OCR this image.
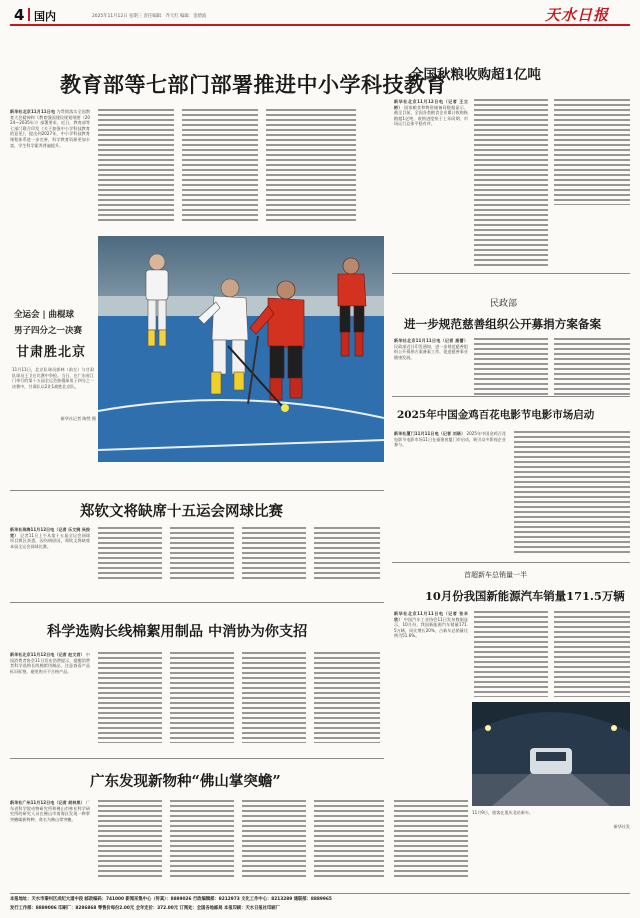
4 国内	2025年11月12日 星期三 责任编辑：齐天红 编辑：金碧波	天水日报
教育部等七部门部署推进中小学科技教育
新华社北京11月11日电 为贯彻落实全国教育大会精神和《教育强国建设规划纲要（2024—2035年）》部署要求，近日，教育部等七部门联合印发《关于加强中小学科技教育的意见》，提出到2027年，中小学科技教育课程体系进一步完善，科学教育资源更加丰富，学生科学素养普遍提升。
全运会 | 曲棍球
男子四分之一决赛
甘肃胜北京
11月11日，北京队球员郭林（前左）与甘肃队球员王卫在比赛中争抢。当日，在广东省江门举行的第十五届全运会曲棍球男子四分之一决赛中，甘肃队以2比1战胜北京队。
新华社记者 陶然 摄
全国秋粮收购超1亿吨
新华社北京11月12日电（记者 王立彬） 国家粮食和物资储备局数据显示，截至目前，全国各类粮食企业累计收购秋粮超1亿吨，收购进度快于上年同期，市场运行总体平稳有序。
民政部
进一步规范慈善组织公开募捐方案备案
新华社北京11月11日电（记者 高蕾） 民政部近日印发通知，进一步规范慈善组织公开募捐方案备案工作，促进慈善事业健康发展。
2025年中国金鸡百花电影节电影市场启动
新华社厦门11月11日电（记者 刘旸） 2025年中国金鸡百花电影节电影市场11日在福建省厦门市启动，吸引众多影视企业参与。
首超新车总销量一半
10月份我国新能源汽车销量171.5万辆
新华社北京11月11日电（记者 张辛欣） 中国汽车工业协会11日发布数据显示，10月份，我国新能源汽车销量171.5万辆，同比增长20%，占新车总销量比例为51.6%。
11月9日，旅客在重庆北站乘车。
新华社发
郑钦文将缺席十五运会网球比赛
新华社珠海11月12日电（记者 乐文婉 吴俊宽） 记者11日上午从第十五届全运会网球项目赛区获悉，因伤病原因，郑钦文将缺席本届全运会网球比赛。
科学选购长线棉絮用制品 中消协为你支招
新华社北京11月12日电（记者 赵文君） 中国消费者协会11日发布消费提示，提醒消费者科学选购长线棉絮用制品，注意查看产品标识标签，避免购买不合格产品。
广东发现新物种“佛山掌突蟾”
新华社广州11月12日电（记者 胡林果） 广东省科学院动物研究所和佛山市林业科学研究所的研究人员在佛山市南海区发现一种掌突蟾属新物种，命名为佛山掌突蟾。
本报地址：天水市秦州区成纪大道中段 邮政编码：741000 新闻采集中心（传真）：8889026 行政编辑部：8212973 文化工作中心：8213289 通联部：8889965
发行工作部：8889006 印刷厂：8286868 零售价每份2.00元 全年定价：372.00元 订阅处：全国各地邮局 本报印刷：天水日报社印刷厂
